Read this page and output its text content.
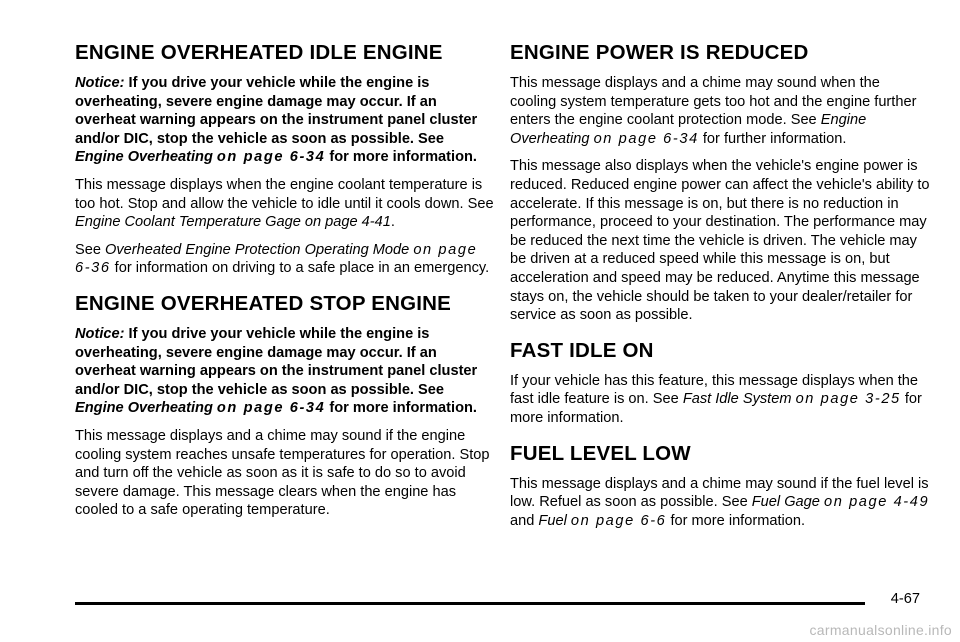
ENGINE OVERHEATED IDLE ENGINE

Notice: If you drive your vehicle while the engine is overheating, severe engine damage may occur. If an overheat warning appears on the instrument panel cluster and/or DIC, stop the vehicle as soon as possible. See Engine Overheating on page 6-34 for more information.

This message displays when the engine coolant temperature is too hot. Stop and allow the vehicle to idle until it cools down. See Engine Coolant Temperature Gage on page 4-41.

See Overheated Engine Protection Operating Mode on page 6-36 for information on driving to a safe place in an emergency.

ENGINE OVERHEATED STOP ENGINE

Notice: If you drive your vehicle while the engine is overheating, severe engine damage may occur. If an overheat warning appears on the instrument panel cluster and/or DIC, stop the vehicle as soon as possible. See Engine Overheating on page 6-34 for more information.

This message displays and a chime may sound if the engine cooling system reaches unsafe temperatures for operation. Stop and turn off the vehicle as soon as it is safe to do so to avoid severe damage. This message clears when the engine has cooled to a safe operating temperature.

ENGINE POWER IS REDUCED

This message displays and a chime may sound when the cooling system temperature gets too hot and the engine further enters the engine coolant protection mode. See Engine Overheating on page 6-34 for further information.

This message also displays when the vehicle's engine power is reduced. Reduced engine power can affect the vehicle's ability to accelerate. If this message is on, but there is no reduction in performance, proceed to your destination. The performance may be reduced the next time the vehicle is driven. The vehicle may be driven at a reduced speed while this message is on, but acceleration and speed may be reduced. Anytime this message stays on, the vehicle should be taken to your dealer/retailer for service as soon as possible.

FAST IDLE ON

If your vehicle has this feature, this message displays when the fast idle feature is on. See Fast Idle System on page 3-25 for more information.

FUEL LEVEL LOW

This message displays and a chime may sound if the fuel level is low. Refuel as soon as possible. See Fuel Gage on page 4-49 and Fuel on page 6-6 for more information.

4-67
carmanualsonline.info
